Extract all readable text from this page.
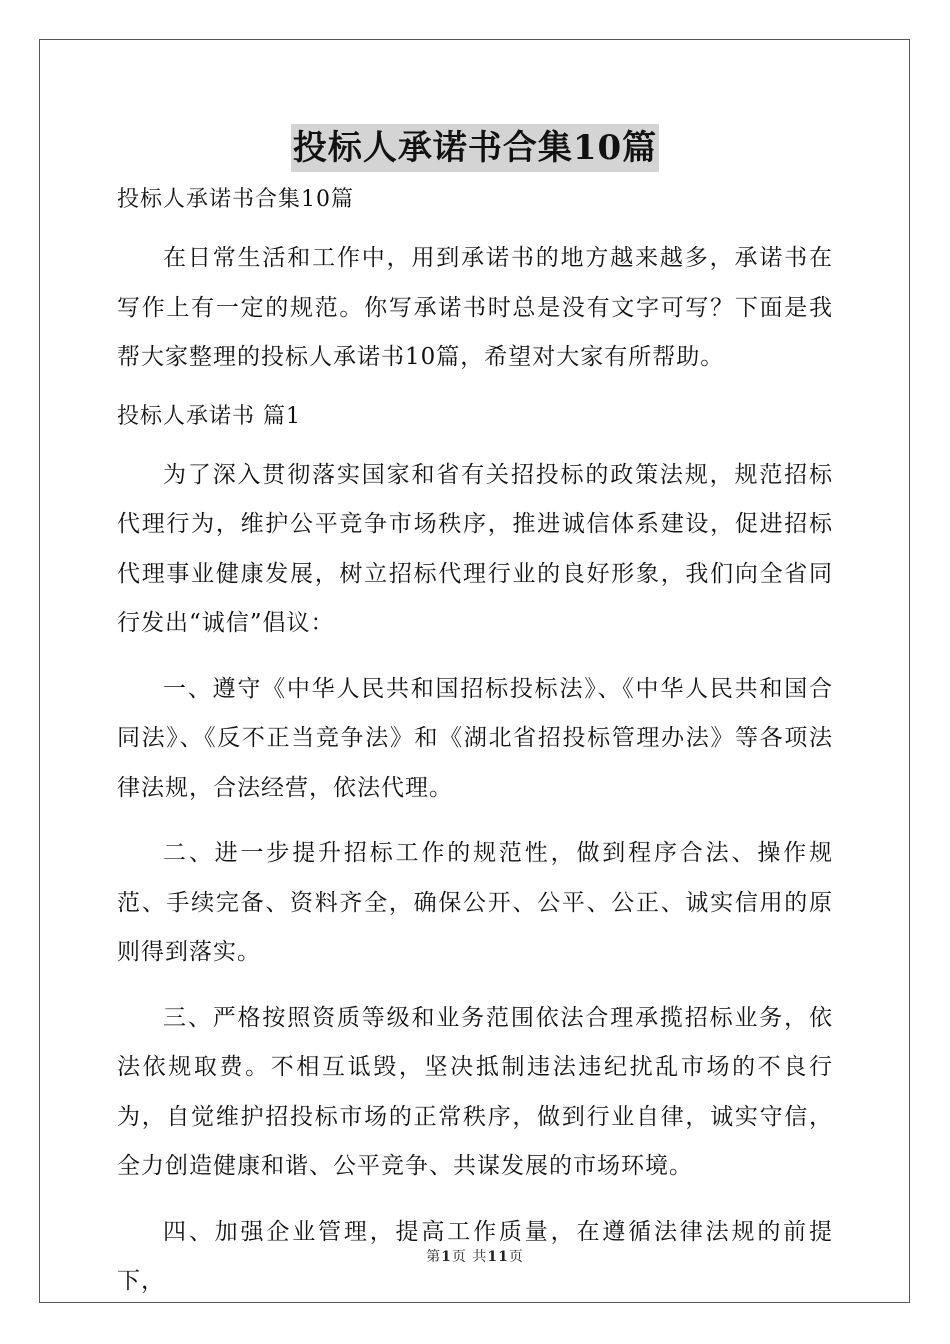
投标人承诺书合集10篇

投标人承诺书合集10篇

在日常生活和工作中，用到承诺书的地方越来越多，承诺书在写作上有一定的规范。你写承诺书时总是没有文字可写？下面是我帮大家整理的投标人承诺书10篇，希望对大家有所帮助。

投标人承诺书 篇1

为了深入贯彻落实国家和省有关招投标的政策法规，规范招标代理行为，维护公平竞争市场秩序，推进诚信体系建设，促进招标代理事业健康发展，树立招标代理行业的良好形象，我们向全省同行发出“诚信”倡议：

一、遵守《中华人民共和国招标投标法》、《中华人民共和国合同法》、《反不正当竞争法》和《湖北省招投标管理办法》等各项法律法规，合法经营，依法代理。

二、进一步提升招标工作的规范性，做到程序合法、操作规范、手续完备、资料齐全，确保公开、公平、公正、诚实信用的原则得到落实。

三、严格按照资质等级和业务范围依法合理承揽招标业务，依法依规取费。不相互诋毁，坚决抵制违法违纪扰乱市场的不良行为，自觉维护招投标市场的正常秩序，做到行业自律，诚实守信，全力创造健康和谐、公平竞争、共谋发展的市场环境。

四、加强企业管理，提高工作质量，在遵循法律法规的前提下，

第1页 共11页
